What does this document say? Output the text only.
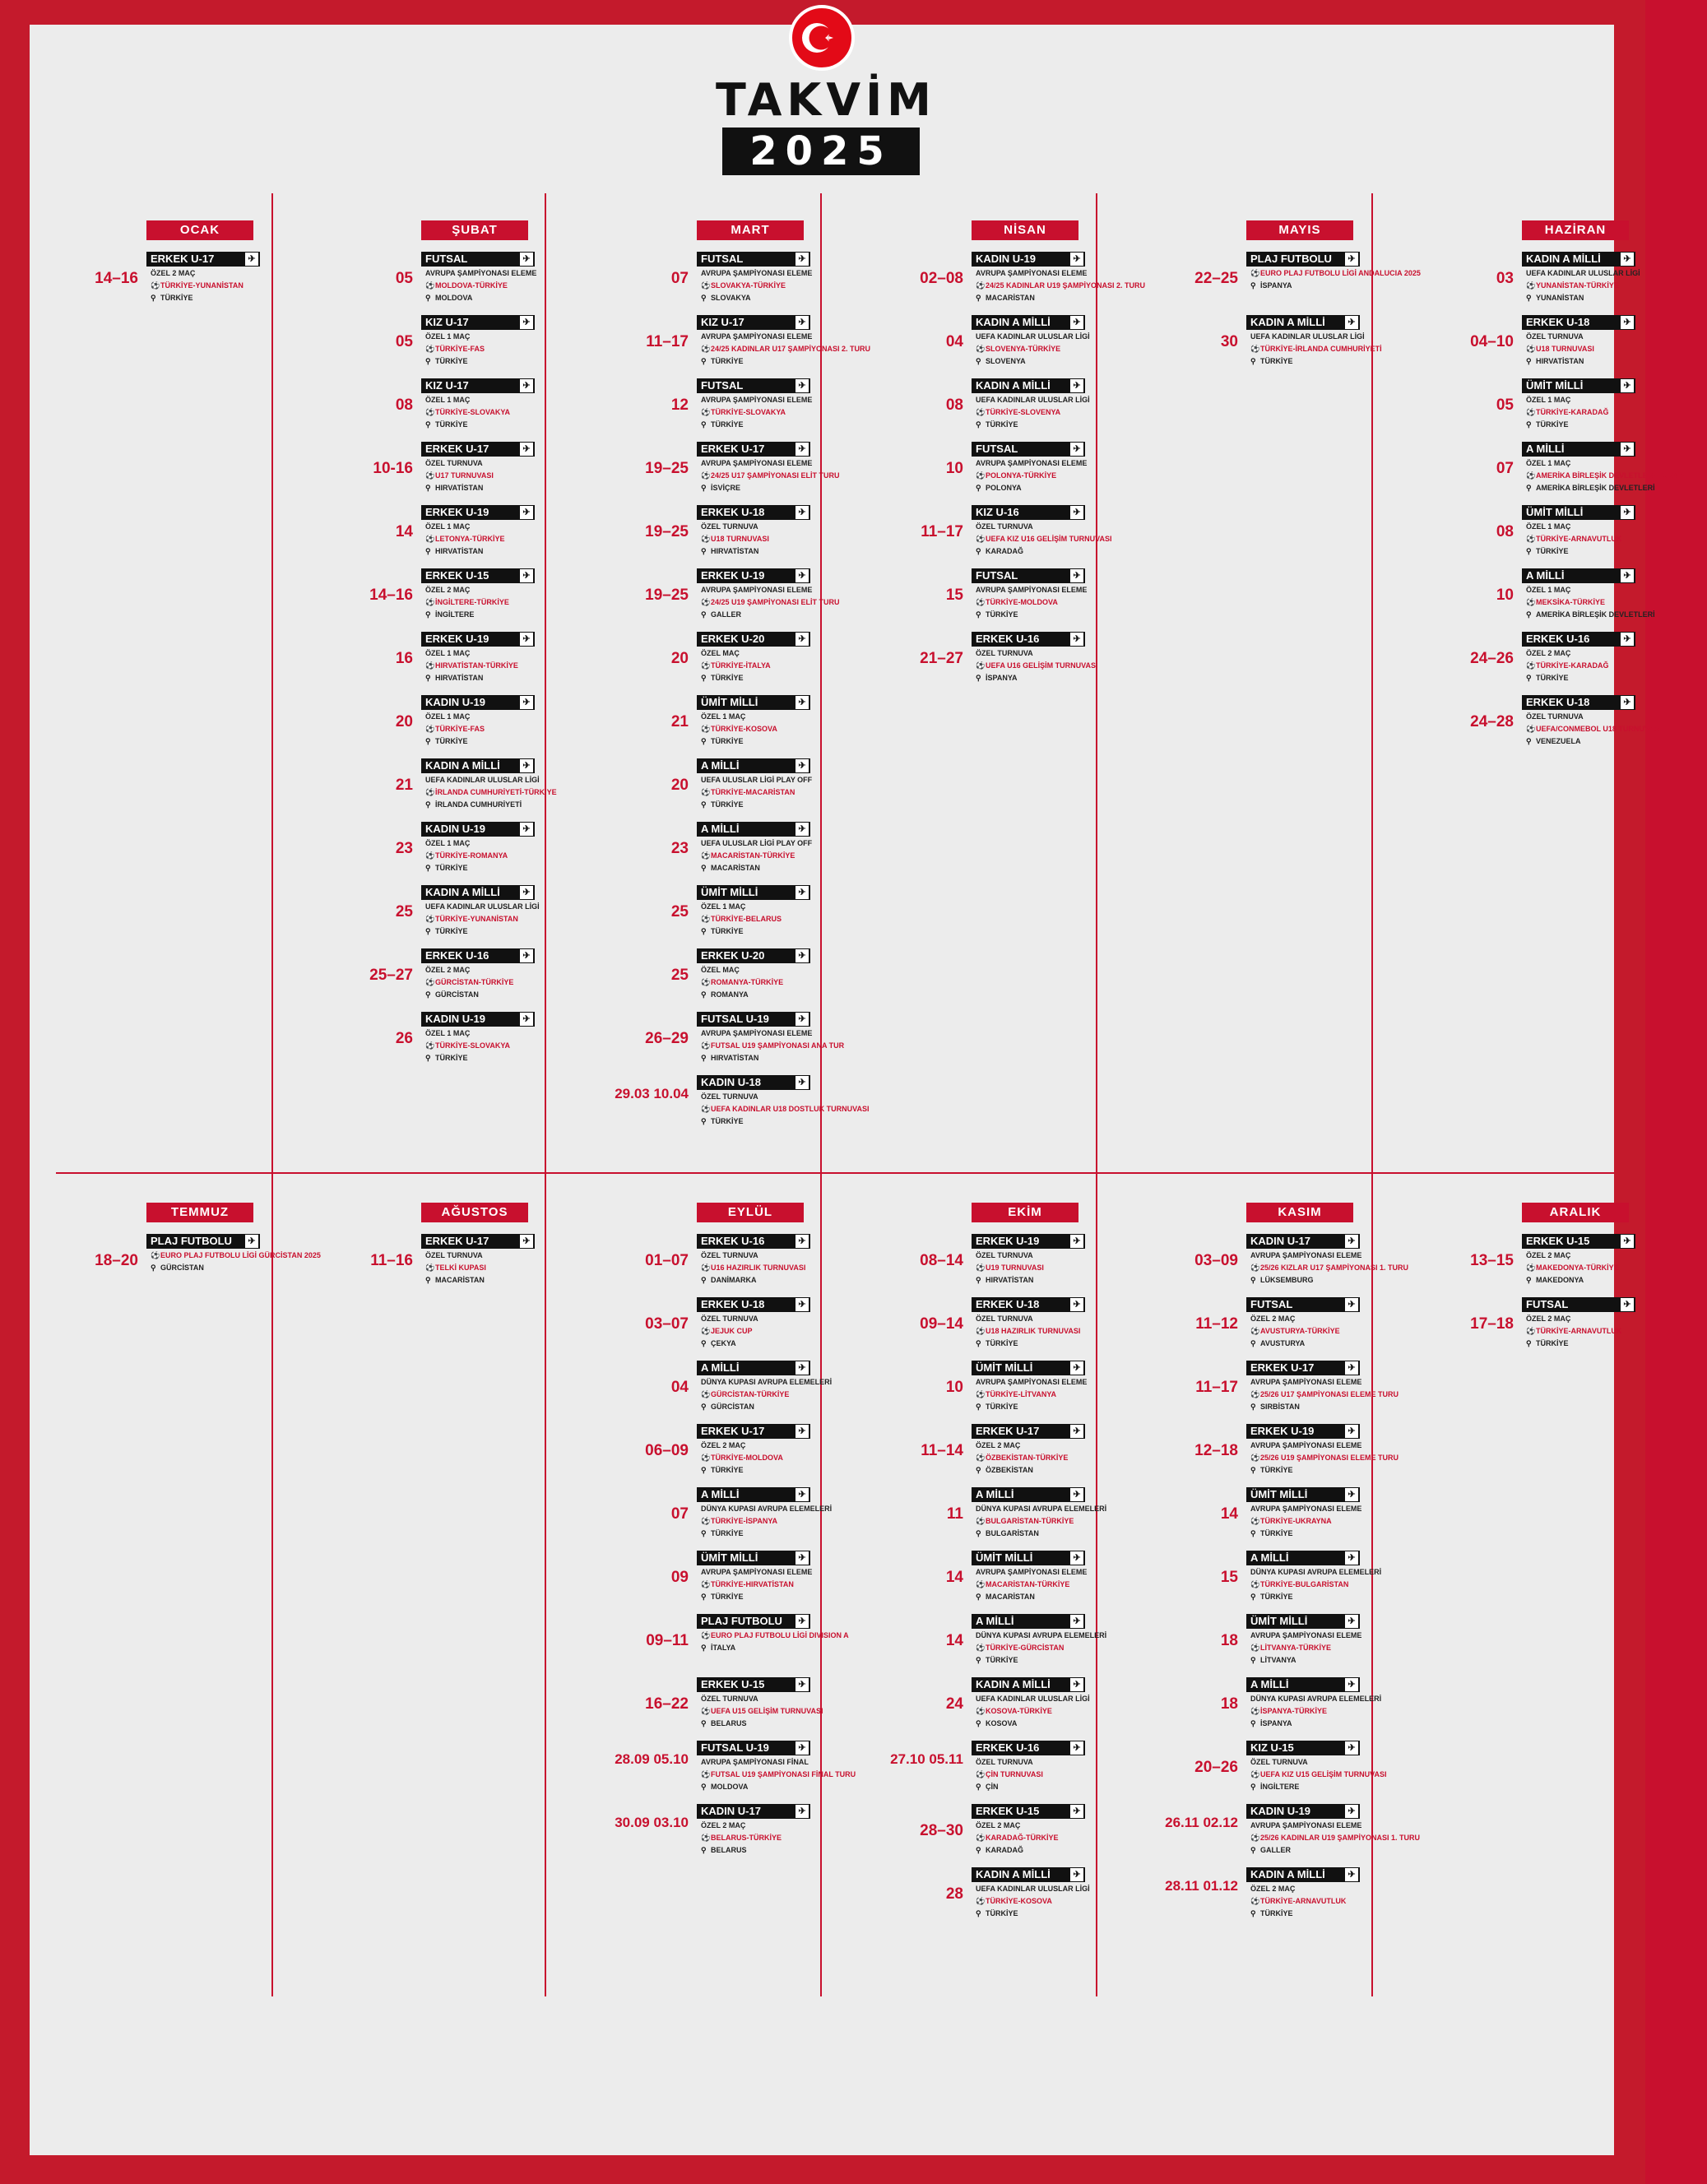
TAKVİM
2025
OCAK
14–16
ERKEK U-17	✈
ÖZEL 2 MAÇ
⚽TÜRKİYE-YUNANİSTAN
⚲ TÜRKİYE
ŞUBAT
05
FUTSAL	✈
AVRUPA ŞAMPİYONASI ELEME
⚽MOLDOVA-TÜRKİYE
⚲ MOLDOVA
05
KIZ U-17	✈
ÖZEL 1 MAÇ
⚽TÜRKİYE-FAS
⚲ TÜRKİYE
08
KIZ U-17	✈
ÖZEL 1 MAÇ
⚽TÜRKİYE-SLOVAKYA
⚲ TÜRKİYE
10-16
ERKEK U-17	✈
ÖZEL TURNUVA
⚽U17 TURNUVASI
⚲ HIRVATİSTAN
14
ERKEK U-19	✈
ÖZEL 1 MAÇ
⚽LETONYA-TÜRKİYE
⚲ HIRVATİSTAN
14–16
ERKEK U-15	✈
ÖZEL 2 MAÇ
⚽İNGİLTERE-TÜRKİYE
⚲ İNGİLTERE
16
ERKEK U-19	✈
ÖZEL 1 MAÇ
⚽HIRVATİSTAN-TÜRKİYE
⚲ HIRVATİSTAN
20
KADIN U-19	✈
ÖZEL 1 MAÇ
⚽TÜRKİYE-FAS
⚲ TÜRKİYE
21
KADIN A MİLLİ	✈
UEFA KADINLAR ULUSLAR LİGİ
⚽İRLANDA CUMHURİYETİ-TÜRKİYE
⚲ İRLANDA CUMHURİYETİ
23
KADIN U-19	✈
ÖZEL 1 MAÇ
⚽TÜRKİYE-ROMANYA
⚲ TÜRKİYE
25
KADIN A MİLLİ	✈
UEFA KADINLAR ULUSLAR LİGİ
⚽TÜRKİYE-YUNANİSTAN
⚲ TÜRKİYE
25–27
ERKEK U-16	✈
ÖZEL 2 MAÇ
⚽GÜRCİSTAN-TÜRKİYE
⚲ GÜRCİSTAN
26
KADIN U-19	✈
ÖZEL 1 MAÇ
⚽TÜRKİYE-SLOVAKYA
⚲ TÜRKİYE
MART
07
FUTSAL	✈
AVRUPA ŞAMPİYONASI ELEME
⚽SLOVAKYA-TÜRKİYE
⚲ SLOVAKYA
11–17
KIZ U-17	✈
AVRUPA ŞAMPİYONASI ELEME
⚽24/25 KADINLAR U17 ŞAMPİYONASI 2. TURU
⚲ TÜRKİYE
12
FUTSAL	✈
AVRUPA ŞAMPİYONASI ELEME
⚽TÜRKİYE-SLOVAKYA
⚲ TÜRKİYE
19–25
ERKEK U-17	✈
AVRUPA ŞAMPİYONASI ELEME
⚽24/25 U17 ŞAMPİYONASI ELİT TURU
⚲ İSVİÇRE
19–25
ERKEK U-18	✈
ÖZEL TURNUVA
⚽U18 TURNUVASI
⚲ HIRVATİSTAN
19–25
ERKEK U-19	✈
AVRUPA ŞAMPİYONASI ELEME
⚽24/25 U19 ŞAMPİYONASI ELİT TURU
⚲ GALLER
20
ERKEK U-20	✈
ÖZEL MAÇ
⚽TÜRKİYE-İTALYA
⚲ TÜRKİYE
21
ÜMİT MİLLİ	✈
ÖZEL 1 MAÇ
⚽TÜRKİYE-KOSOVA
⚲ TÜRKİYE
20
A MİLLİ	✈
UEFA ULUSLAR LİGİ PLAY OFF
⚽TÜRKİYE-MACARİSTAN
⚲ TÜRKİYE
23
A MİLLİ	✈
UEFA ULUSLAR LİGİ PLAY OFF
⚽MACARİSTAN-TÜRKİYE
⚲ MACARİSTAN
25
ÜMİT MİLLİ	✈
ÖZEL 1 MAÇ
⚽TÜRKİYE-BELARUS
⚲ TÜRKİYE
25
ERKEK U-20	✈
ÖZEL MAÇ
⚽ROMANYA-TÜRKİYE
⚲ ROMANYA
26–29
FUTSAL U-19	✈
AVRUPA ŞAMPİYONASI ELEME
⚽FUTSAL U19 ŞAMPİYONASI ANA TUR
⚲ HIRVATİSTAN
29.03 10.04
KADIN U-18	✈
ÖZEL TURNUVA
⚽UEFA KADINLAR U18 DOSTLUK TURNUVASI
⚲ TÜRKİYE
NİSAN
02–08
KADIN U-19	✈
AVRUPA ŞAMPİYONASI ELEME
⚽24/25 KADINLAR U19 ŞAMPİYONASI 2. TURU
⚲ MACARİSTAN
04
KADIN A MİLLİ	✈
UEFA KADINLAR ULUSLAR LİGİ
⚽SLOVENYA-TÜRKİYE
⚲ SLOVENYA
08
KADIN A MİLLİ	✈
UEFA KADINLAR ULUSLAR LİGİ
⚽TÜRKİYE-SLOVENYA
⚲ TÜRKİYE
10
FUTSAL	✈
AVRUPA ŞAMPİYONASI ELEME
⚽POLONYA-TÜRKİYE
⚲ POLONYA
11–17
KIZ U-16	✈
ÖZEL TURNUVA
⚽UEFA KIZ U16 GELİŞİM TURNUVASI
⚲ KARADAĞ
15
FUTSAL	✈
AVRUPA ŞAMPİYONASI ELEME
⚽TÜRKİYE-MOLDOVA
⚲ TÜRKİYE
21–27
ERKEK U-16	✈
ÖZEL TURNUVA
⚽UEFA U16 GELİŞİM TURNUVASI
⚲ İSPANYA
MAYIS
22–25
PLAJ FUTBOLU	✈
⚽EURO PLAJ FUTBOLU LİGİ ANDALUCIA 2025
⚲ İSPANYA
30
KADIN A MİLLİ	✈
UEFA KADINLAR ULUSLAR LİGİ
⚽TÜRKİYE-İRLANDA CUMHURİYETİ
⚲ TÜRKİYE
HAZİRAN
03
KADIN A MİLLİ	✈
UEFA KADINLAR ULUSLAR LİGİ
⚽YUNANİSTAN-TÜRKİYE
⚲ YUNANİSTAN
04–10
ERKEK U-18	✈
ÖZEL TURNUVA
⚽U18 TURNUVASI
⚲ HIRVATİSTAN
05
ÜMİT MİLLİ	✈
ÖZEL 1 MAÇ
⚽TÜRKİYE-KARADAĞ
⚲ TÜRKİYE
07
A MİLLİ	✈
ÖZEL 1 MAÇ
⚽AMERİKA BİRLEŞİK DEVLETLERİ-TÜRKİYE
⚲ AMERİKA BİRLEŞİK DEVLETLERİ
08
ÜMİT MİLLİ	✈
ÖZEL 1 MAÇ
⚽TÜRKİYE-ARNAVUTLUK
⚲ TÜRKİYE
10
A MİLLİ	✈
ÖZEL 1 MAÇ
⚽MEKSİKA-TÜRKİYE
⚲ AMERİKA BİRLEŞİK DEVLETLERİ
24–26
ERKEK U-16	✈
ÖZEL 2 MAÇ
⚽TÜRKİYE-KARADAĞ
⚲ TÜRKİYE
24–28
ERKEK U-18	✈
ÖZEL TURNUVA
⚽UEFA/CONMEBOL U18 TURNUVASI
⚲ VENEZUELA
TEMMUZ
18–20
PLAJ FUTBOLU	✈
⚽EURO PLAJ FUTBOLU LİGİ GÜRCİSTAN 2025
⚲ GÜRCİSTAN
AĞUSTOS
11–16
ERKEK U-17	✈
ÖZEL TURNUVA
⚽TELKİ KUPASI
⚲ MACARİSTAN
EYLÜL
01–07
ERKEK U-16	✈
ÖZEL TURNUVA
⚽U16 HAZIRLIK TURNUVASI
⚲ DANİMARKA
03–07
ERKEK U-18	✈
ÖZEL TURNUVA
⚽JEJUK CUP
⚲ ÇEKYA
04
A MİLLİ	✈
DÜNYA KUPASI AVRUPA ELEMELERİ
⚽GÜRCİSTAN-TÜRKİYE
⚲ GÜRCİSTAN
06–09
ERKEK U-17	✈
ÖZEL 2 MAÇ
⚽TÜRKİYE-MOLDOVA
⚲ TÜRKİYE
07
A MİLLİ	✈
DÜNYA KUPASI AVRUPA ELEMELERİ
⚽TÜRKİYE-İSPANYA
⚲ TÜRKİYE
09
ÜMİT MİLLİ	✈
AVRUPA ŞAMPİYONASI ELEME
⚽TÜRKİYE-HIRVATİSTAN
⚲ TÜRKİYE
09–11
PLAJ FUTBOLU	✈
⚽EURO PLAJ FUTBOLU LİGİ DIVISION A
⚲ İTALYA
16–22
ERKEK U-15	✈
ÖZEL TURNUVA
⚽UEFA U15 GELİŞİM TURNUVASI
⚲ BELARUS
28.09 05.10
FUTSAL U-19	✈
AVRUPA ŞAMPİYONASI FİNAL
⚽FUTSAL U19 ŞAMPİYONASI FİNAL TURU
⚲ MOLDOVA
30.09 03.10
KADIN U-17	✈
ÖZEL 2 MAÇ
⚽BELARUS-TÜRKİYE
⚲ BELARUS
EKİM
08–14
ERKEK U-19	✈
ÖZEL TURNUVA
⚽U19 TURNUVASI
⚲ HIRVATİSTAN
09–14
ERKEK U-18	✈
ÖZEL TURNUVA
⚽U18 HAZIRLIK TURNUVASI
⚲ TÜRKİYE
10
ÜMİT MİLLİ	✈
AVRUPA ŞAMPİYONASI ELEME
⚽TÜRKİYE-LİTVANYA
⚲ TÜRKİYE
11–14
ERKEK U-17	✈
ÖZEL 2 MAÇ
⚽ÖZBEKİSTAN-TÜRKİYE
⚲ ÖZBEKİSTAN
11
A MİLLİ	✈
DÜNYA KUPASI AVRUPA ELEMELERİ
⚽BULGARİSTAN-TÜRKİYE
⚲ BULGARİSTAN
14
ÜMİT MİLLİ	✈
AVRUPA ŞAMPİYONASI ELEME
⚽MACARİSTAN-TÜRKİYE
⚲ MACARİSTAN
14
A MİLLİ	✈
DÜNYA KUPASI AVRUPA ELEMELERİ
⚽TÜRKİYE-GÜRCİSTAN
⚲ TÜRKİYE
24
KADIN A MİLLİ	✈
UEFA KADINLAR ULUSLAR LİGİ
⚽KOSOVA-TÜRKİYE
⚲ KOSOVA
27.10 05.11
ERKEK U-16	✈
ÖZEL TURNUVA
⚽ÇİN TURNUVASI
⚲ ÇİN
28–30
ERKEK U-15	✈
ÖZEL 2 MAÇ
⚽KARADAĞ-TÜRKİYE
⚲ KARADAĞ
28
KADIN A MİLLİ	✈
UEFA KADINLAR ULUSLAR LİGİ
⚽TÜRKİYE-KOSOVA
⚲ TÜRKİYE
KASIM
03–09
KADIN U-17	✈
AVRUPA ŞAMPİYONASI ELEME
⚽25/26 KIZLAR U17 ŞAMPİYONASI 1. TURU
⚲ LÜKSEMBURG
11–12
FUTSAL	✈
ÖZEL 2 MAÇ
⚽AVUSTURYA-TÜRKİYE
⚲ AVUSTURYA
11–17
ERKEK U-17	✈
AVRUPA ŞAMPİYONASI ELEME
⚽25/26 U17 ŞAMPİYONASI ELEME TURU
⚲ SIRBİSTAN
12–18
ERKEK U-19	✈
AVRUPA ŞAMPİYONASI ELEME
⚽25/26 U19 ŞAMPİYONASI ELEME TURU
⚲ TÜRKİYE
14
ÜMİT MİLLİ	✈
AVRUPA ŞAMPİYONASI ELEME
⚽TÜRKİYE-UKRAYNA
⚲ TÜRKİYE
15
A MİLLİ	✈
DÜNYA KUPASI AVRUPA ELEMELERİ
⚽TÜRKİYE-BULGARİSTAN
⚲ TÜRKİYE
18
ÜMİT MİLLİ	✈
AVRUPA ŞAMPİYONASI ELEME
⚽LİTVANYA-TÜRKİYE
⚲ LİTVANYA
18
A MİLLİ	✈
DÜNYA KUPASI AVRUPA ELEMELERİ
⚽İSPANYA-TÜRKİYE
⚲ İSPANYA
20–26
KIZ U-15	✈
ÖZEL TURNUVA
⚽UEFA KIZ U15 GELİŞİM TURNUVASI
⚲ İNGİLTERE
26.11 02.12
KADIN U-19	✈
AVRUPA ŞAMPİYONASI ELEME
⚽25/26 KADINLAR U19 ŞAMPİYONASI 1. TURU
⚲ GALLER
28.11 01.12
KADIN A MİLLİ	✈
ÖZEL 2 MAÇ
⚽TÜRKİYE-ARNAVUTLUK
⚲ TÜRKİYE
ARALIK
13–15
ERKEK U-15	✈
ÖZEL 2 MAÇ
⚽MAKEDONYA-TÜRKİYE
⚲ MAKEDONYA
17–18
FUTSAL	✈
ÖZEL 2 MAÇ
⚽TÜRKİYE-ARNAVUTLUK
⚲ TÜRKİYE
